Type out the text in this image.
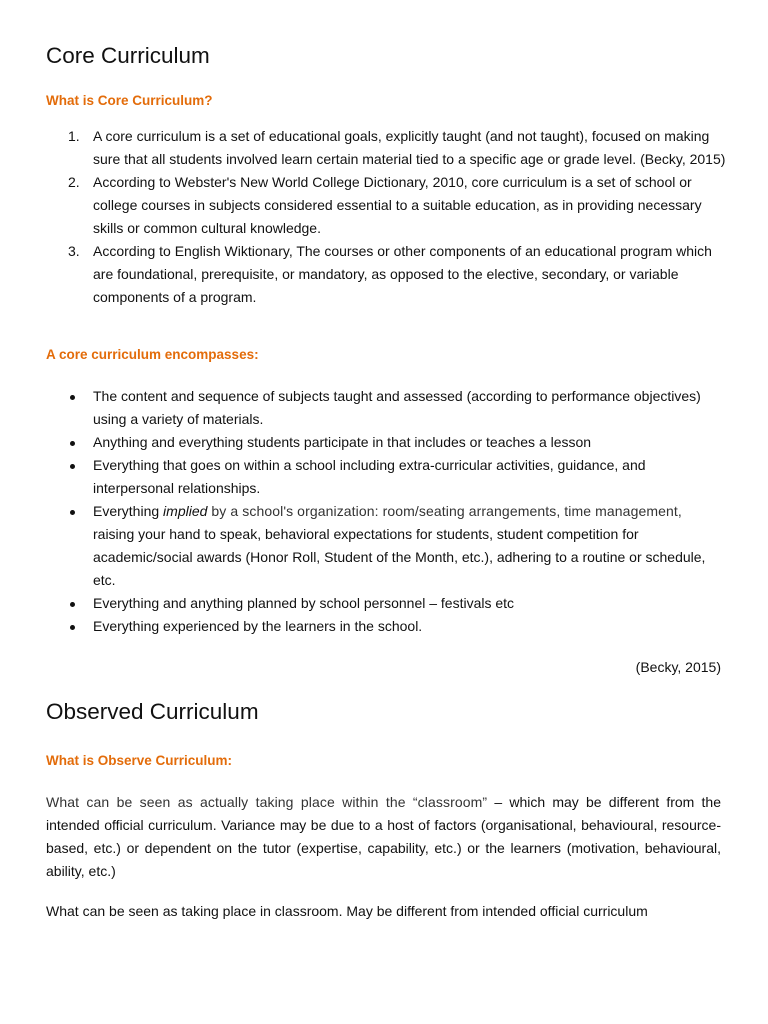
Core Curriculum
What is Core Curriculum?
1. A core curriculum is a set of educational goals, explicitly taught (and not taught), focused on making sure that all students involved learn certain material tied to a specific age or grade level. (Becky, 2015)
2. According to Webster's New World College Dictionary, 2010, core curriculum is a set of school or college courses in subjects considered essential to a suitable education, as in providing necessary skills or common cultural knowledge.
3. According to English Wiktionary, The courses or other components of an educational program which are foundational, prerequisite, or mandatory, as opposed to the elective, secondary, or variable components of a program.
A core curriculum encompasses:
The content and sequence of subjects taught and assessed (according to performance objectives) using a variety of materials.
Anything and everything students participate in that includes or teaches a lesson
Everything that goes on within a school including extra-curricular activities, guidance, and interpersonal relationships.
Everything implied by a school's organization: room/seating arrangements, time management, raising your hand to speak, behavioral expectations for students, student competition for academic/social awards (Honor Roll, Student of the Month, etc.), adhering to a routine or schedule, etc.
Everything and anything planned by school personnel – festivals etc
Everything experienced by the learners in the school.

(Becky, 2015)

Observed Curriculum
What is Observe Curriculum:

What can be seen as actually taking place within the “classroom” – which may be different from the intended official curriculum. Variance may be due to a host of factors (organisational, behavioural, resource-based, etc.) or dependent on the tutor (expertise, capability, etc.) or the learners (motivation, behavioural, ability, etc.)

What can be seen as taking place in classroom. May be different from intended official curriculum
